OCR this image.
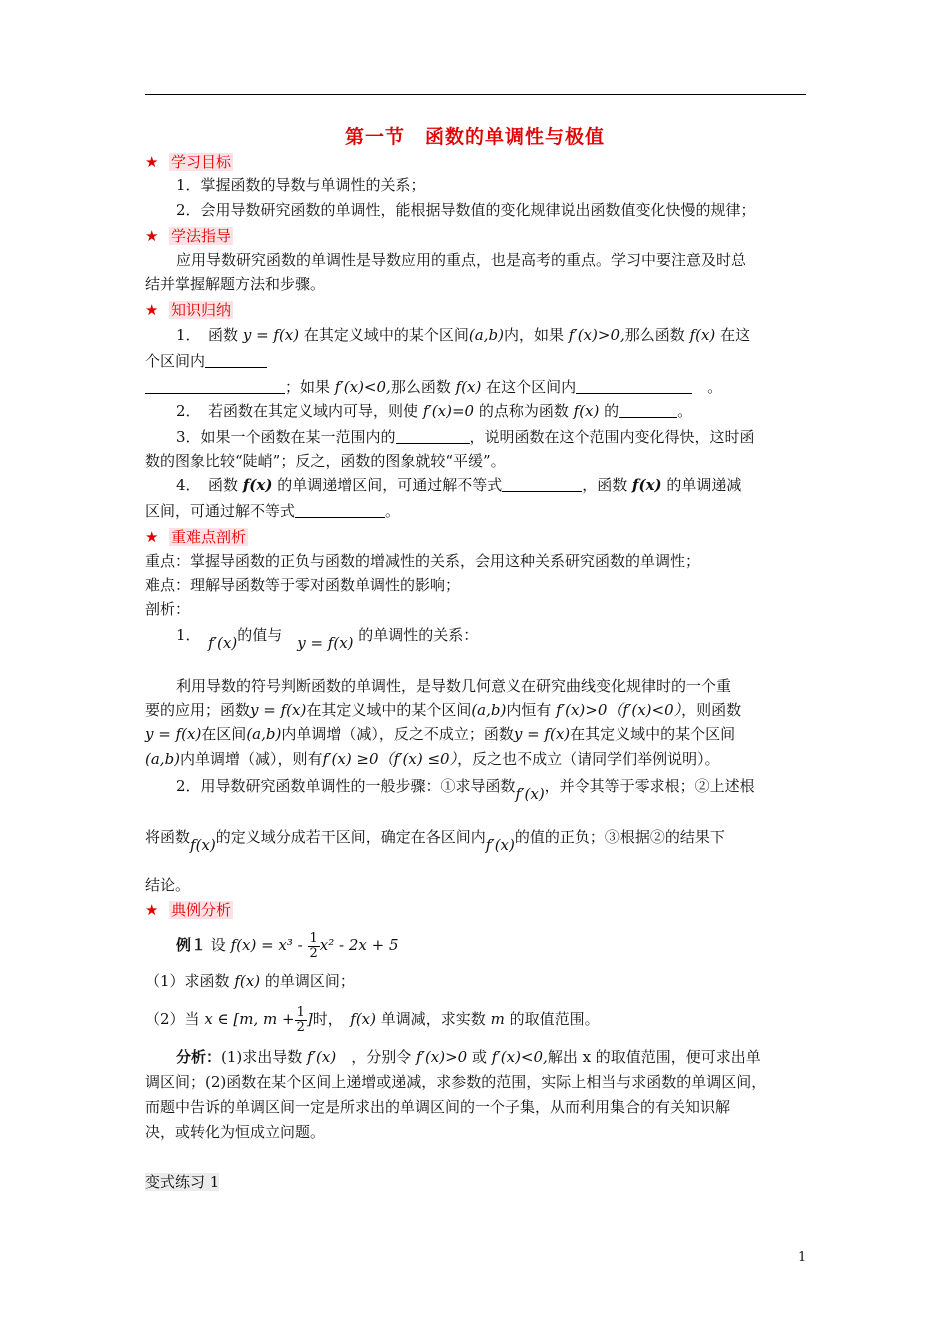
第一节　函数的单调性与极值
★ 学习目标
1．掌握函数的导数与单调性的关系；
2．会用导数研究函数的单调性，能根据导数值的变化规律说出函数值变化快慢的规律；
★ 学法指导
应用导数研究函数的单调性是导数应用的重点，也是高考的重点。学习中要注意及时总
结并掌握解题方法和步骤。
★ 知识归纳
1．　函数 y = f(x) 在其定义域中的某个区间(a,b)内，如果 f′(x)>0,那么函数 f(x) 在这
个区间内
；如果 f′(x)<0,那么函数 f(x) 在这个区间内　	。
2．　若函数在其定义域内可导，则使 f′(x)=0 的点称为函数 f(x) 的	。
3．如果一个函数在某一范围内的	，说明函数在这个范围内变化得快，这时函
数的图象比较“陡峭”；反之，函数的图象就较“平缓”。
4．　函数 f(x) 的单调递增区间，可通过解不等式	，函数 f(x) 的单调递减
区间，可通过解不等式	。
★ 重难点剖析
重点：掌握导函数的正负与函数的增减性的关系，会用这种关系研究函数的单调性；
难点：理解导函数等于零对函数单调性的影响；
剖析：
1．　 f′(x)的值与　 y = f(x) 的单调性的关系：
利用导数的符号判断函数的单调性，是导数几何意义在研究曲线变化规律时的一个重
要的应用；函数y = f(x)在其定义域中的某个区间(a,b)内恒有 f′(x)>0（f′(x)<0），则函数
y = f(x)在区间(a,b)内单调增（减），反之不成立；函数y = f(x)在其定义域中的某个区间
(a,b)内单调增（减），则有f′(x) ≥0（f′(x) ≤0），反之也不成立（请同学们举例说明）。
2．用导数研究函数单调性的一般步骤：①求导函数f′(x)，并令其等于零求根；②上述根
将函数f(x)的定义域分成若干区间，确定在各区间内f′(x)的值的正负；③根据②的结果下
结论。
★ 典例分析
例１ 设 $f(x) = x^3 - \frac{1}{2} x^2 - 2x + 5$
（1）求函数 f(x) 的单调区间；
（2）当 x ∈ [m, $m + \frac{1}{2}$ ]时，　 f(x) 单调减，求实数 m 的取值范围。
分析：(1)求出导数 f′(x)　 ，分别令 f′(x)>0 或 f′(x)<0,解出 x 的取值范围，便可求出单
调区间；(2)函数在某个区间上递增或递减，求参数的范围，实际上相当与求函数的单调区间，
而题中告诉的单调区间一定是所求出的单调区间的一个子集，从而利用集合的有关知识解
决，或转化为恒成立问题。
变式练习 1
1
